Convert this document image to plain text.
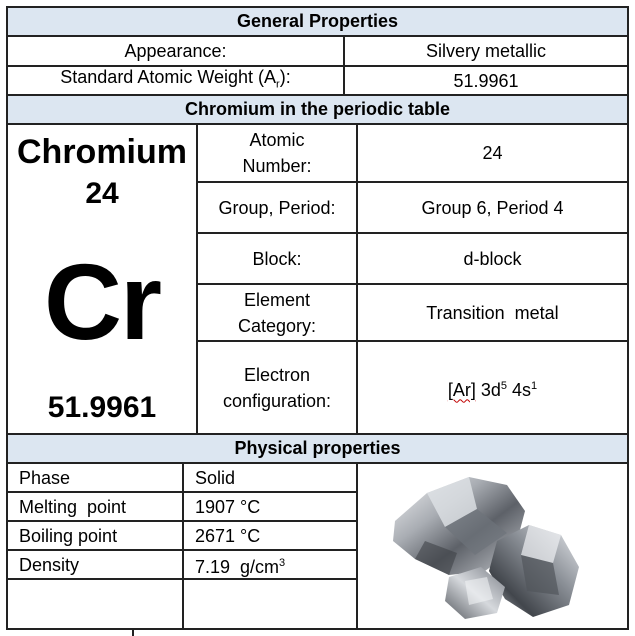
General Properties
Appearance:	Silvery metallic
Standard Atomic Weight $(A_r)$:	51.9961
Chromium in the periodic table
Chromium
24
Cr
51.9961
Atomic Number:
24
Group, Period:	Group 6, Period 4
Block:	d-block
Element Category:
Transition  metal
Electron configuration:
[Ar] $3d^5$ $4s^1$
Physical properties
Phase	Solid
Melting  point	1907 °C
Boiling point	2671 °C
Density	7.19  $g/cm^3$
